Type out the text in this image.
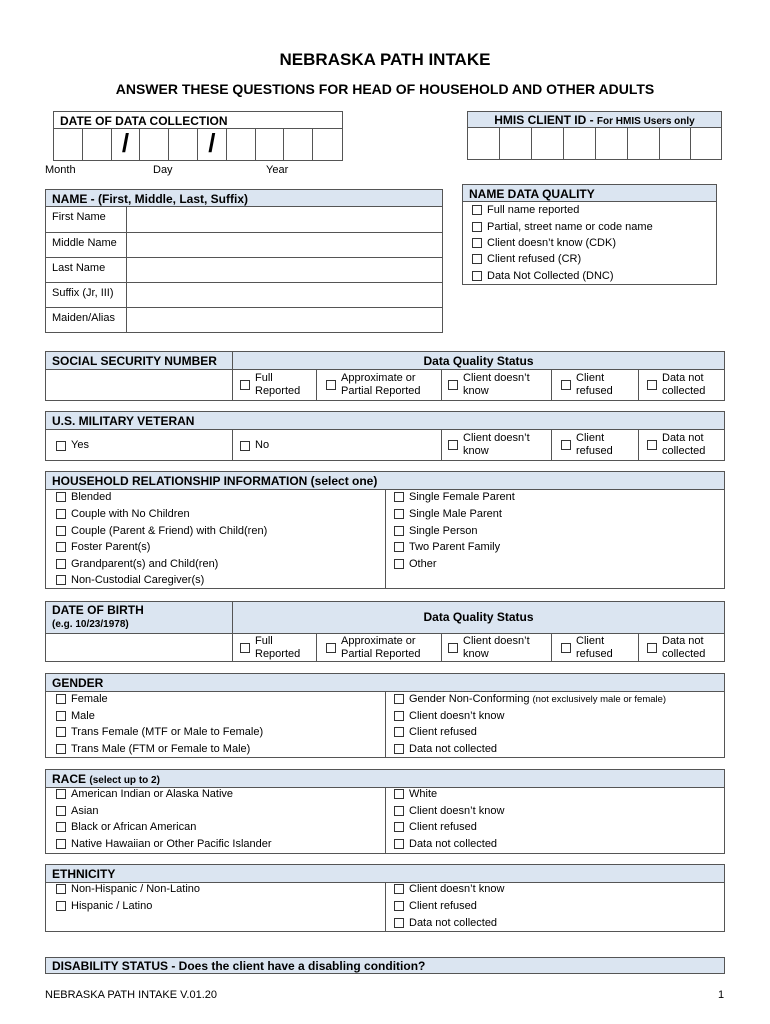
NEBRASKA PATH INTAKE
ANSWER THESE QUESTIONS FOR HEAD OF HOUSEHOLD AND OTHER ADULTS
DATE OF DATA COLLECTION
/	/
Month	Day	Year
HMIS CLIENT ID - For HMIS Users only
NAME - (First, Middle, Last, Suffix)
First Name
Middle Name
Last Name
Suffix (Jr, III)
Maiden/Alias
NAME DATA QUALITY
Full name reported
Partial, street name or code name
Client doesn’t know (CDK)
Client refused (CR)
Data Not Collected (DNC)
SOCIAL SECURITY NUMBER	Data Quality Status
Full
Reported
Approximate or
Partial Reported
Client doesn’t
know
Client
refused
Data not
collected
U.S. MILITARY VETERAN
Yes	No
Client doesn’t
know
Client
refused
Data not
collected
HOUSEHOLD RELATIONSHIP INFORMATION (select one)
Blended
Couple with No Children
Couple (Parent & Friend) with Child(ren)
Foster Parent(s)
Grandparent(s) and Child(ren)
Non-Custodial Caregiver(s)
Single Female Parent
Single Male Parent
Single Person
Two Parent Family
Other
DATE OF BIRTH
(e.g. 10/23/1978)
Data Quality Status
Full
Reported
Approximate or
Partial Reported
Client doesn’t
know
Client
refused
Data not
collected
GENDER
Female
Male
Trans Female (MTF or Male to Female)
Trans Male (FTM or Female to Male)
Gender Non-Conforming
(not exclusively male or female)
Client doesn’t know
Client refused
Data not collected
RACE (select up to 2)
American Indian or Alaska Native
Asian
Black or African American
Native Hawaiian or Other Pacific Islander
White
Client doesn’t know
Client refused
Data not collected
ETHNICITY
Non-Hispanic / Non-Latino
Hispanic / Latino
Client doesn’t know
Client refused
Data not collected
DISABILITY STATUS - Does the client have a disabling condition?
NEBRASKA PATH INTAKE V.01.20	1
